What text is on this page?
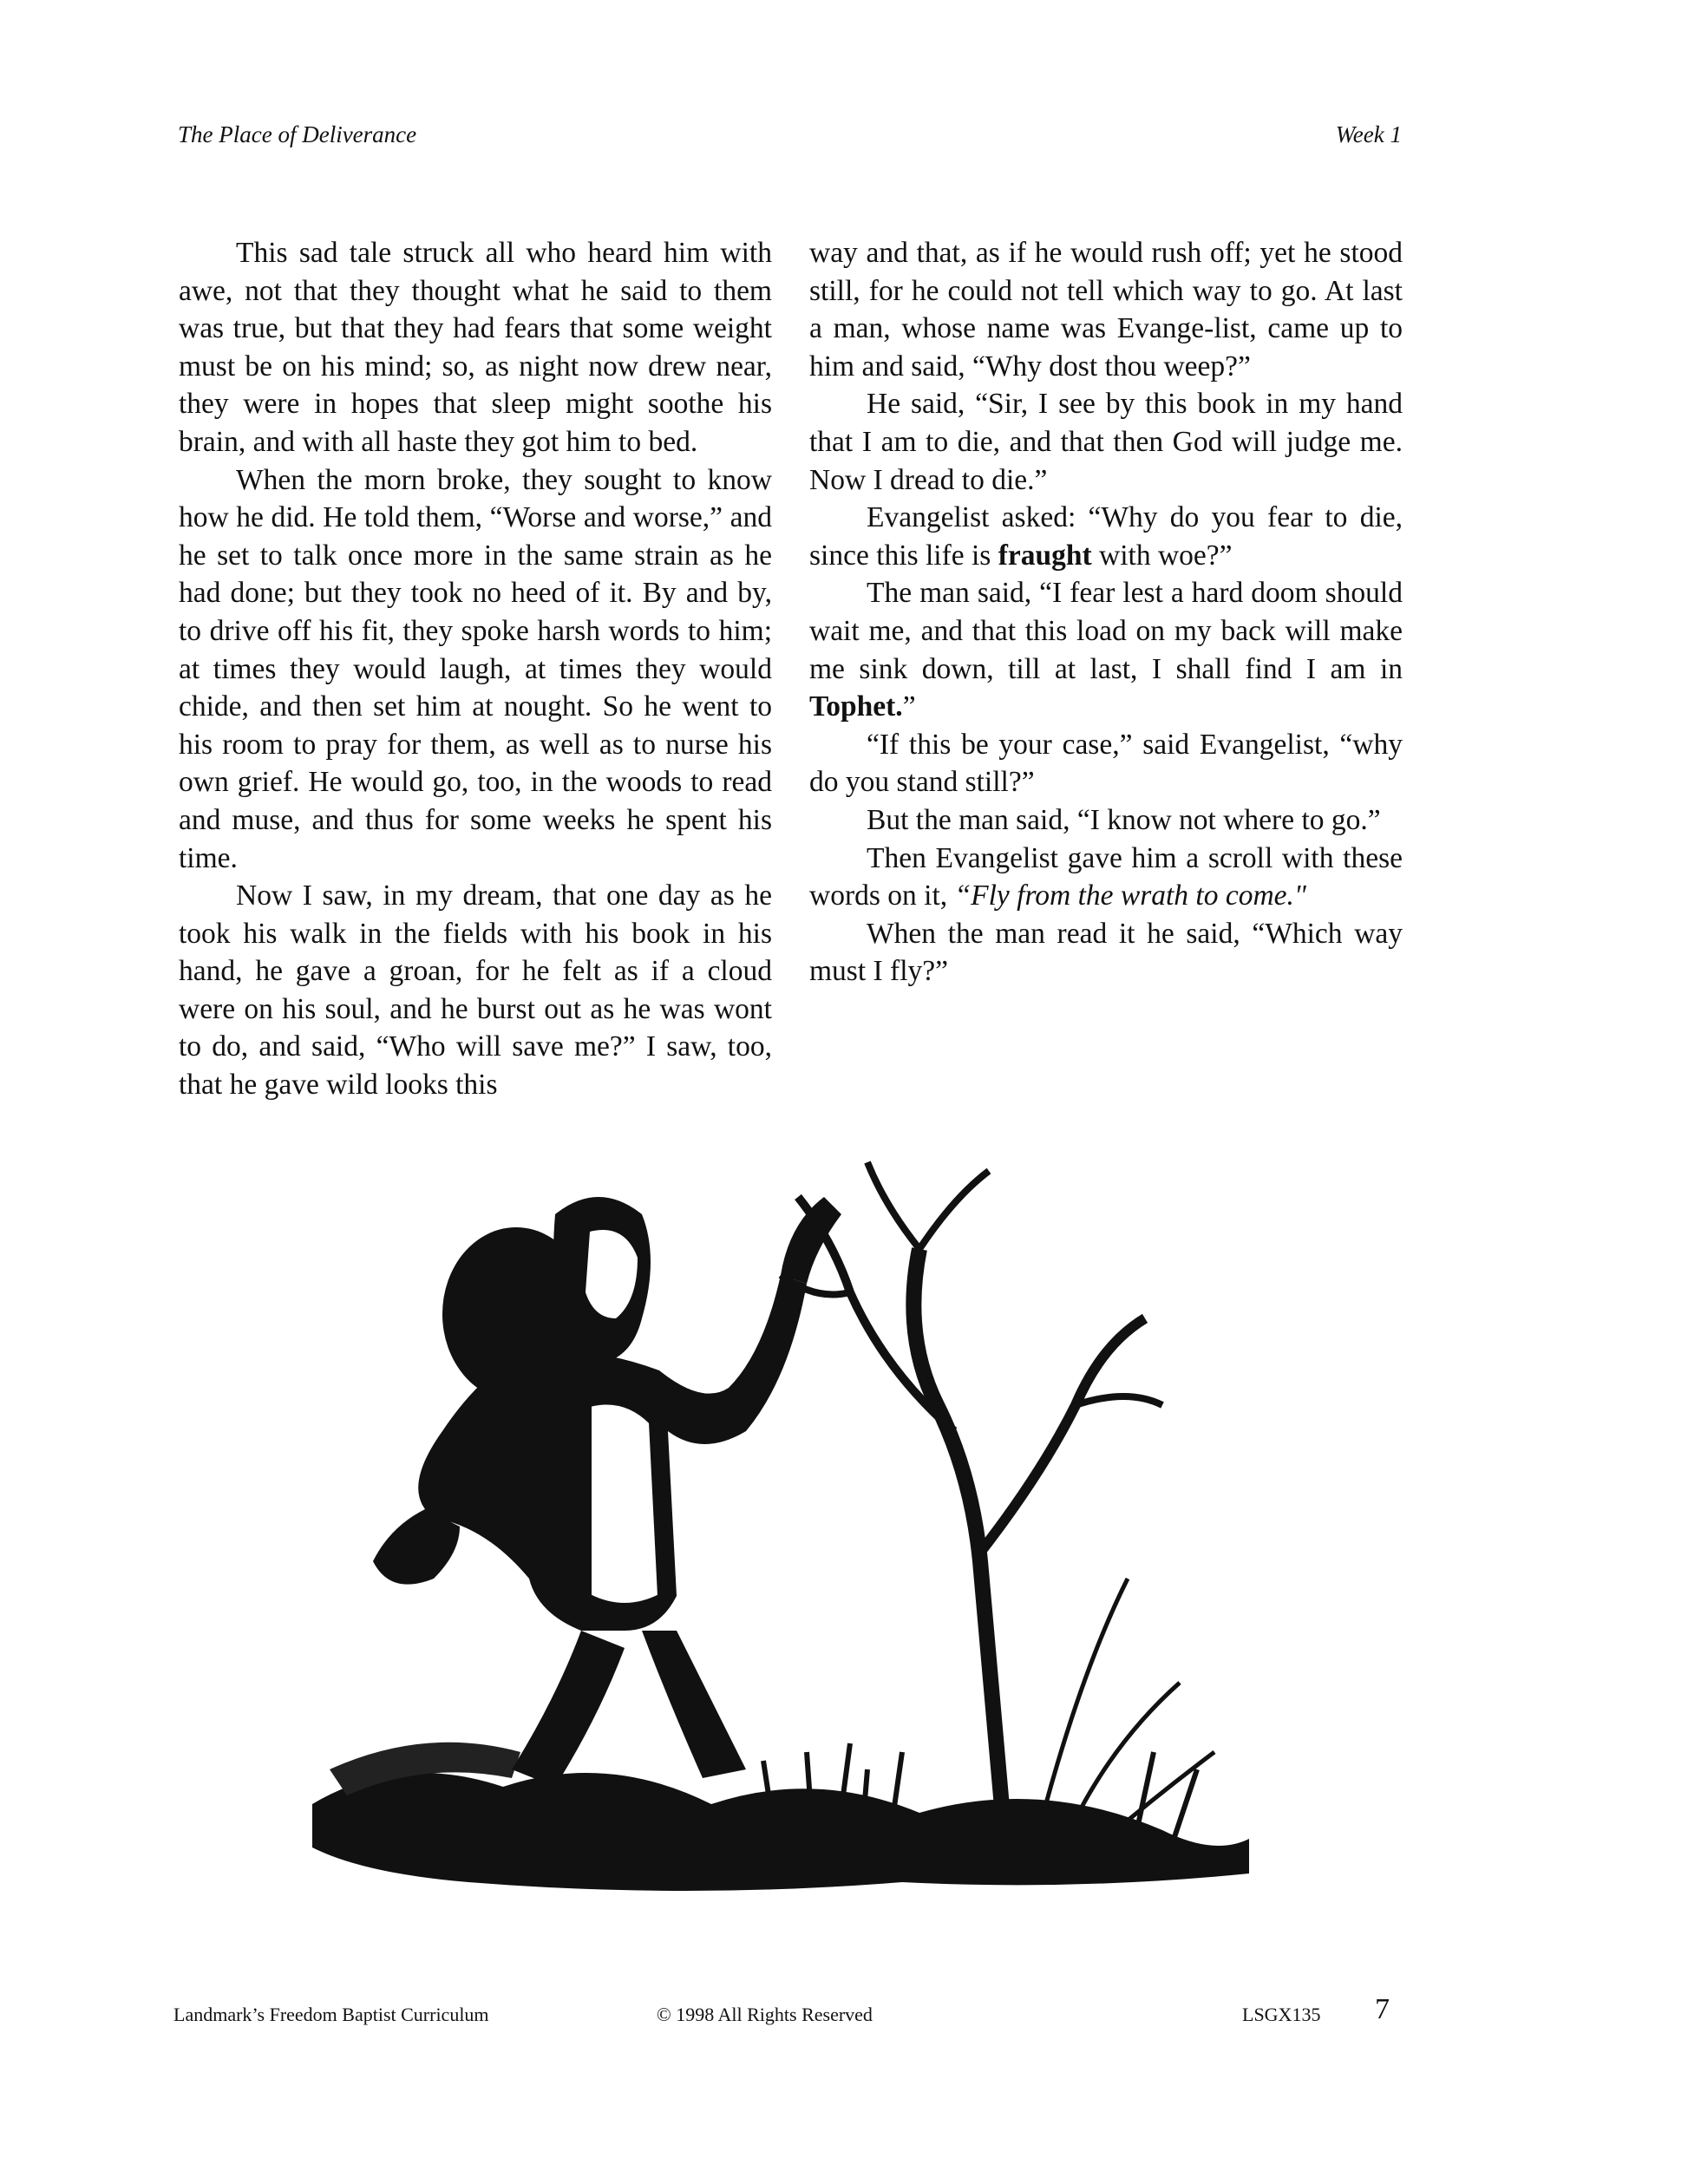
The Place of Deliverance	Week 1

This sad tale struck all who heard him with awe, not that they thought what he said to them was true, but that they had fears that some weight must be on his mind; so, as night now drew near, they were in hopes that sleep might soothe his brain, and with all haste they got him to bed.

When the morn broke, they sought to know how he did. He told them, “Worse and worse,” and he set to talk once more in the same strain as he had done; but they took no heed of it. By and by, to drive off his fit, they spoke harsh words to him; at times they would laugh, at times they would chide, and then set him at nought. So he went to his room to pray for them, as well as to nurse his own grief. He would go, too, in the woods to read and muse, and thus for some weeks he spent his time.

Now I saw, in my dream, that one day as he took his walk in the fields with his book in his hand, he gave a groan, for he felt as if a cloud were on his soul, and he burst out as he was wont to do, and said, “Who will save me?” I saw, too, that he gave wild looks this

way and that, as if he would rush off; yet he stood still, for he could not tell which way to go. At last a man, whose name was Evange-list, came up to him and said, “Why dost thou weep?”

He said, “Sir, I see by this book in my hand that I am to die, and that then God will judge me. Now I dread to die.”

Evangelist asked: “Why do you fear to die, since this life is fraught with woe?”

The man said, “I fear lest a hard doom should wait me, and that this load on my back will make me sink down, till at last, I shall find I am in Tophet.”

“If this be your case,” said Evangelist, “why do you stand still?”

But the man said, “I know not where to go.”

Then Evangelist gave him a scroll with these words on it, “Fly from the wrath to come."

When the man read it he said, “Which way must I fly?”

Landmark’s Freedom Baptist Curriculum	© 1998 All Rights Reserved	LSGX135 7
